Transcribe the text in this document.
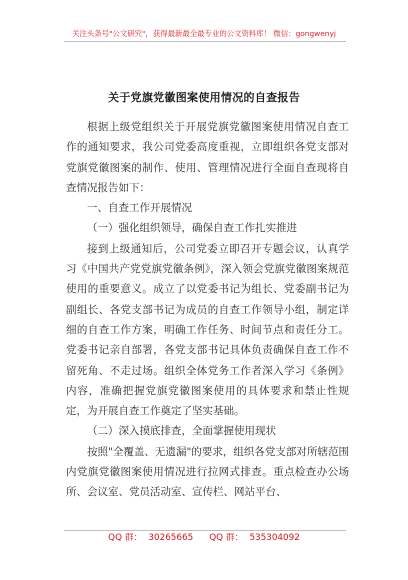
关注头条号"公文研究"，获得最新最全最专业的公文资料库！ 微信：gongwenyj
关于党旗党徽图案使用情况的自查报告

根据上级党组织关于开展党旗党徽图案使用情况自查工作的通知要求，我公司党委高度重视，立即组织各党支部对党旗党徽图案的制作、使用、管理情况进行全面自查现将自查情况报告如下：

一、自查工作开展情况

（一）强化组织领导，确保自查工作扎实推进

接到上级通知后，公司党委立即召开专题会议，认真学习《中国共产党党旗党徽条例》，深入领会党旗党徽图案规范使用的重要意义。成立了以党委书记为组长、党委副书记为副组长、各党支部书记为成员的自查工作领导小组，制定详细的自查工作方案，明确工作任务、时间节点和责任分工。党委书记亲自部署，各党支部书记具体负责确保自查工作不留死角、不走过场。组织全体党务工作者深入学习《条例》内容，准确把握党旗党徽图案使用的具体要求和禁止性规定，为开展自查工作奠定了坚实基础。

（二）深入摸底排查，全面掌握使用现状

按照"全覆盖、无遗漏"的要求，组织各党支部对所辖范围内党旗党徽图案使用情况进行拉网式排查。重点检查办公场所、会议室、党员活动室、宣传栏、网站平台、

QQ 群： 30265665 QQ 群： 535304092
